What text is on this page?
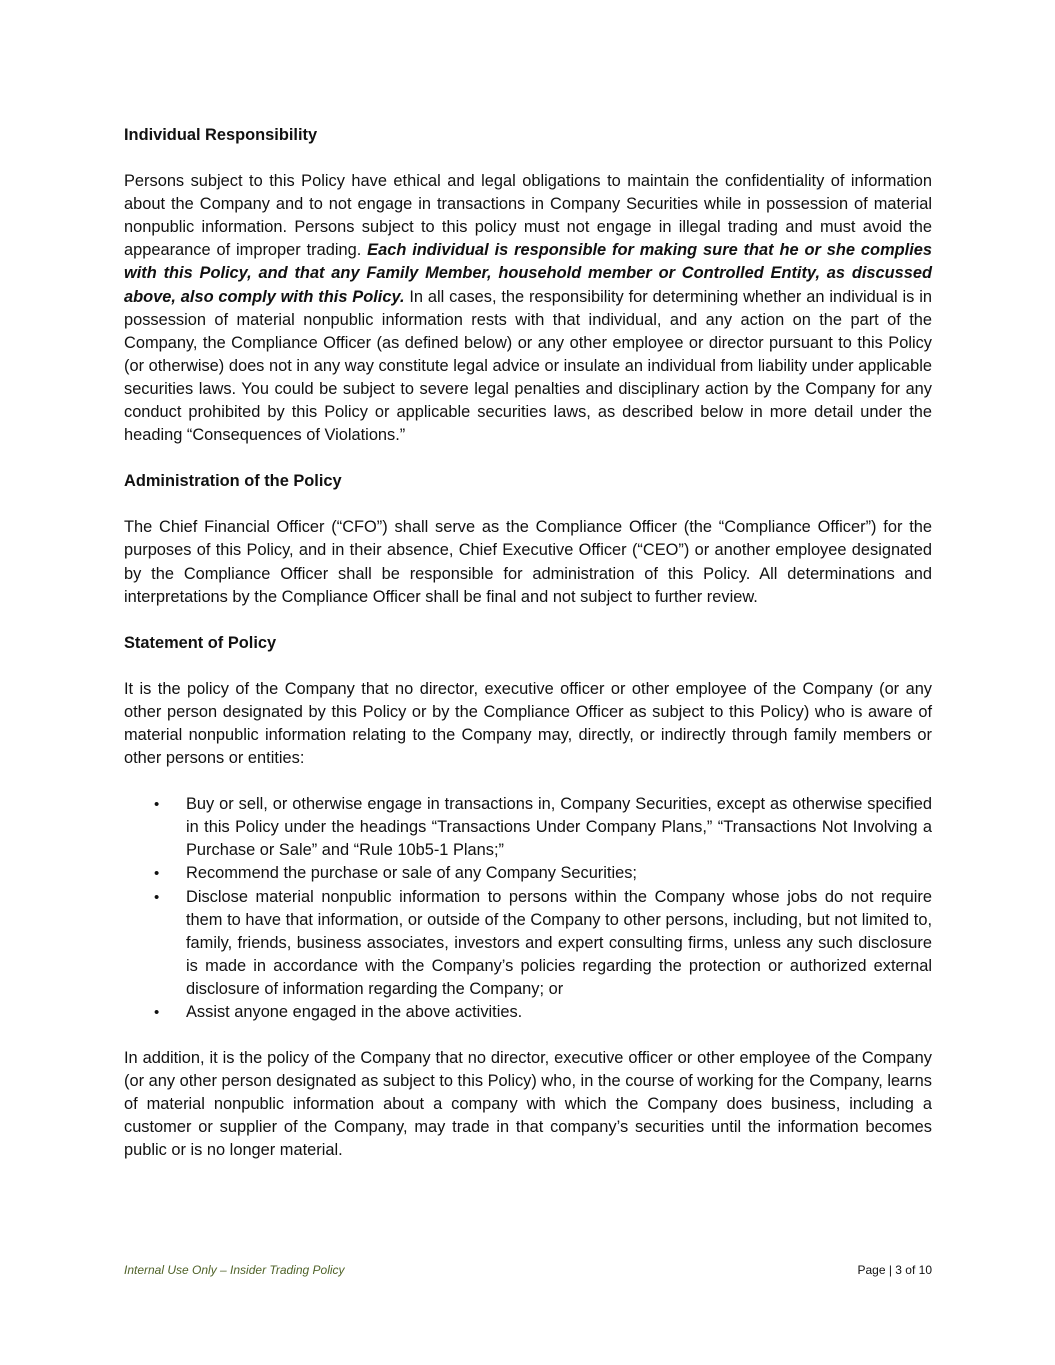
Individual Responsibility

Persons subject to this Policy have ethical and legal obligations to maintain the confidentiality of information about the Company and to not engage in transactions in Company Securities while in possession of material nonpublic information. Persons subject to this policy must not engage in illegal trading and must avoid the appearance of improper trading. Each individual is responsible for making sure that he or she complies with this Policy, and that any Family Member, household member or Controlled Entity, as discussed above, also comply with this Policy. In all cases, the responsibility for determining whether an individual is in possession of material nonpublic information rests with that individual, and any action on the part of the Company, the Compliance Officer (as defined below) or any other employee or director pursuant to this Policy (or otherwise) does not in any way constitute legal advice or insulate an individual from liability under applicable securities laws. You could be subject to severe legal penalties and disciplinary action by the Company for any conduct prohibited by this Policy or applicable securities laws, as described below in more detail under the heading “Consequences of Violations.”

Administration of the Policy

The Chief Financial Officer (“CFO”) shall serve as the Compliance Officer (the “Compliance Officer”) for the purposes of this Policy, and in their absence, Chief Executive Officer (“CEO”) or another employee designated by the Compliance Officer shall be responsible for administration of this Policy. All determinations and interpretations by the Compliance Officer shall be final and not subject to further review.

Statement of Policy

It is the policy of the Company that no director, executive officer or other employee of the Company (or any other person designated by this Policy or by the Compliance Officer as subject to this Policy) who is aware of material nonpublic information relating to the Company may, directly, or indirectly through family members or other persons or entities:

• Buy or sell, or otherwise engage in transactions in, Company Securities, except as otherwise specified in this Policy under the headings “Transactions Under Company Plans,” “Transactions Not Involving a Purchase or Sale” and “Rule 10b5-1 Plans;”
• Recommend the purchase or sale of any Company Securities;
• Disclose material nonpublic information to persons within the Company whose jobs do not require them to have that information, or outside of the Company to other persons, including, but not limited to, family, friends, business associates, investors and expert consulting firms, unless any such disclosure is made in accordance with the Company’s policies regarding the protection or authorized external disclosure of information regarding the Company; or
• Assist anyone engaged in the above activities.

In addition, it is the policy of the Company that no director, executive officer or other employee of the Company (or any other person designated as subject to this Policy) who, in the course of working for the Company, learns of material nonpublic information about a company with which the Company does business, including a customer or supplier of the Company, may trade in that company’s securities until the information becomes public or is no longer material.

Internal Use Only – Insider Trading Policy	Page | 3 of 10
